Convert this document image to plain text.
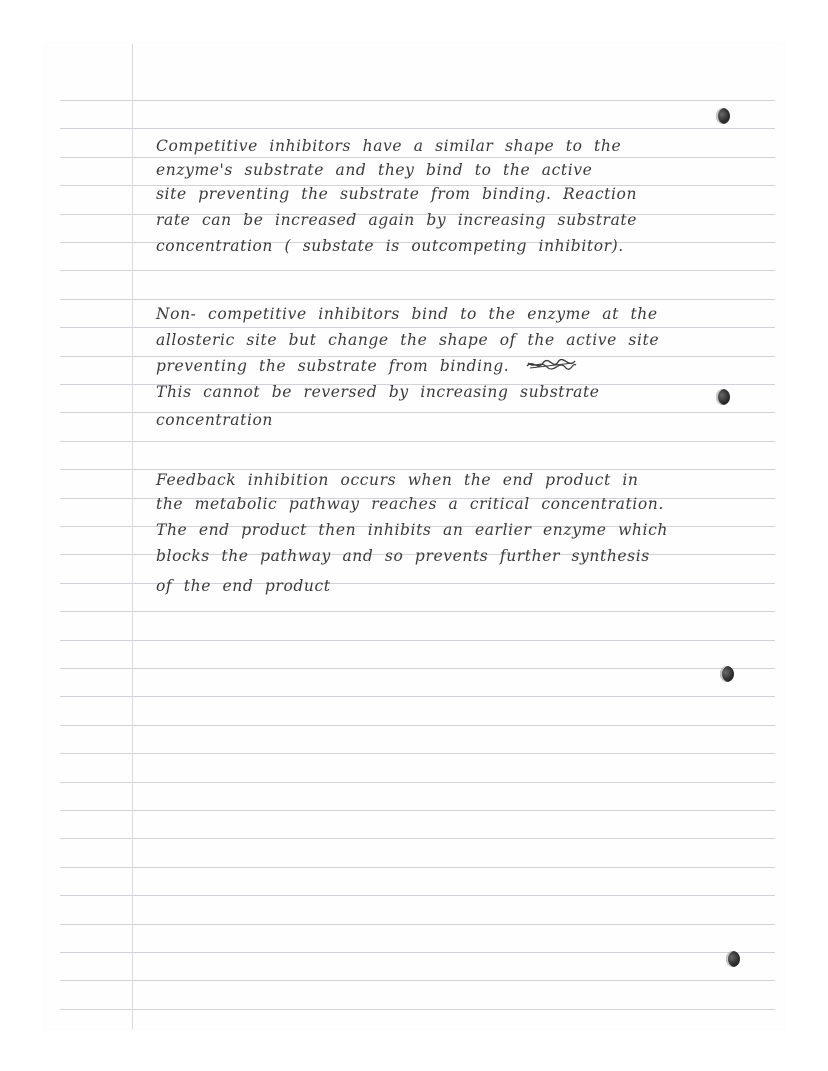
Competitive inhibitors have a similar shape to the
enzyme's substrate and they bind to the active
site preventing the substrate from binding. Reaction
rate can be increased again by increasing substrate
concentration ( substate is outcompeting inhibitor).
Non- competitive inhibitors bind to the enzyme at the
allosteric site but change the shape of the active site
preventing the substrate from binding.
This cannot be reversed by increasing substrate
concentration
Feedback inhibition occurs when the end product in
the metabolic pathway reaches a critical concentration.
The end product then inhibits an earlier enzyme which
blocks the pathway and so prevents further synthesis
of the end product
